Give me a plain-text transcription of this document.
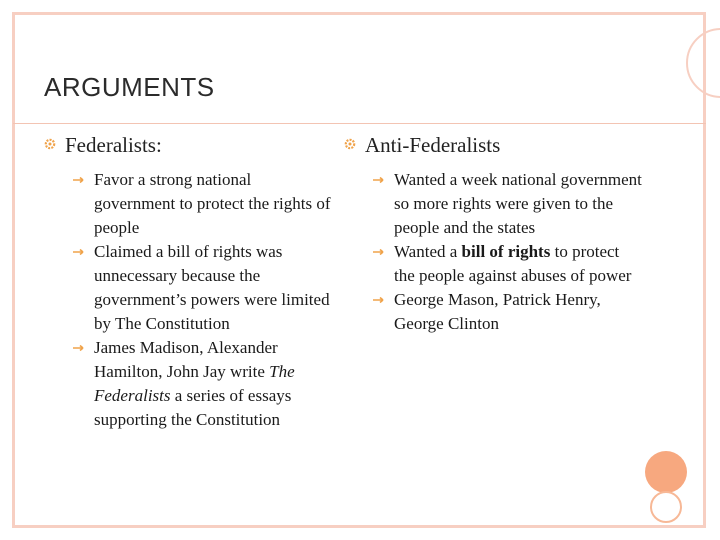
ARGUMENTS
Federalists:
Favor a strong national government to protect the rights of people
Claimed a bill of rights was unnecessary because the government’s powers were limited by The Constitution
James Madison, Alexander Hamilton, John Jay write The Federalists a series of essays supporting the Constitution
Anti-Federalists
Wanted a week national government so more rights were given to the people and the states
Wanted a bill of rights to protect the people against abuses of power
George Mason, Patrick Henry, George Clinton
